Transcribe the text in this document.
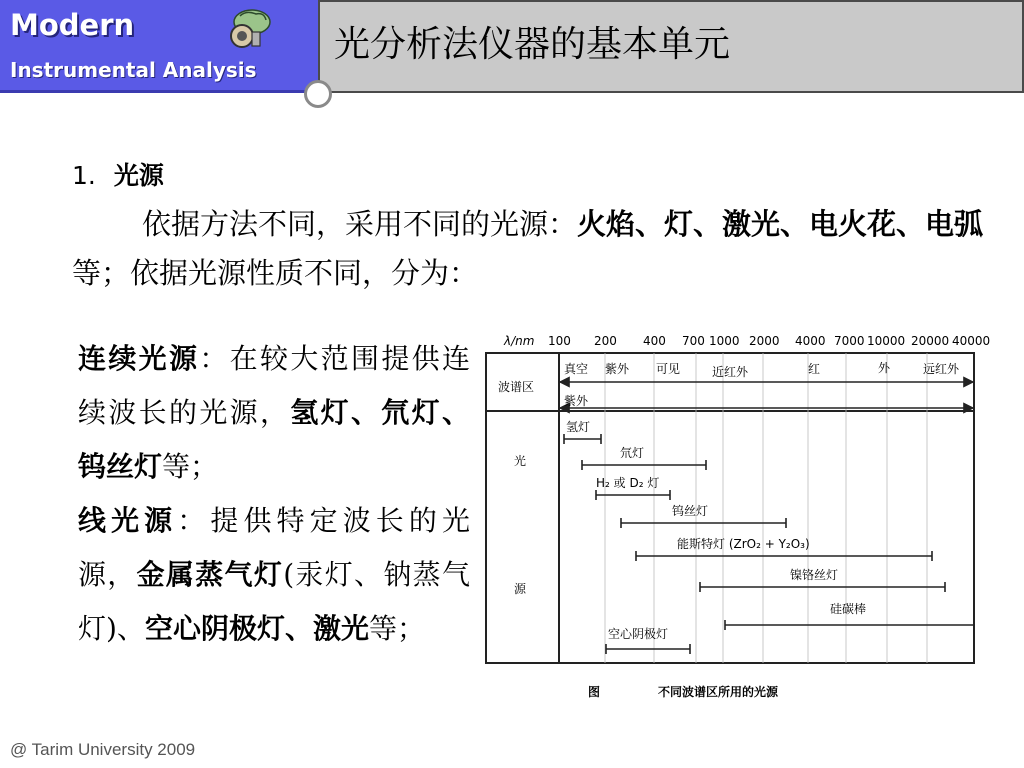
Modern
Instrumental Analysis
光分析法仪器的基本单元
1. 光源
依据方法不同，采用不同的光源：火焰、灯、激光、电火花、电弧等；依据光源性质不同，分为：
连续光源：在较大范围提供连续波长的光源，氢灯、氘灯、钨丝灯等；
线光源：提供特定波长的光源，金属蒸气灯(汞灯、钠蒸气灯)、空心阴极灯、激光等；
λ/nm 100 200 400 700 1000 2000 4000 7000 10000 20000 40000
波谱区
真空 紫外 可见	近红外	红	外	远红外
紫外
光
源
氢灯
氘灯
H₂ 或 D₂ 灯
钨丝灯
能斯特灯 (ZrO₂ + Y₂O₃)
镍铬丝灯
硅碳棒
空心阴极灯
图	不同波谱区所用的光源
@ Tarim University 2009
